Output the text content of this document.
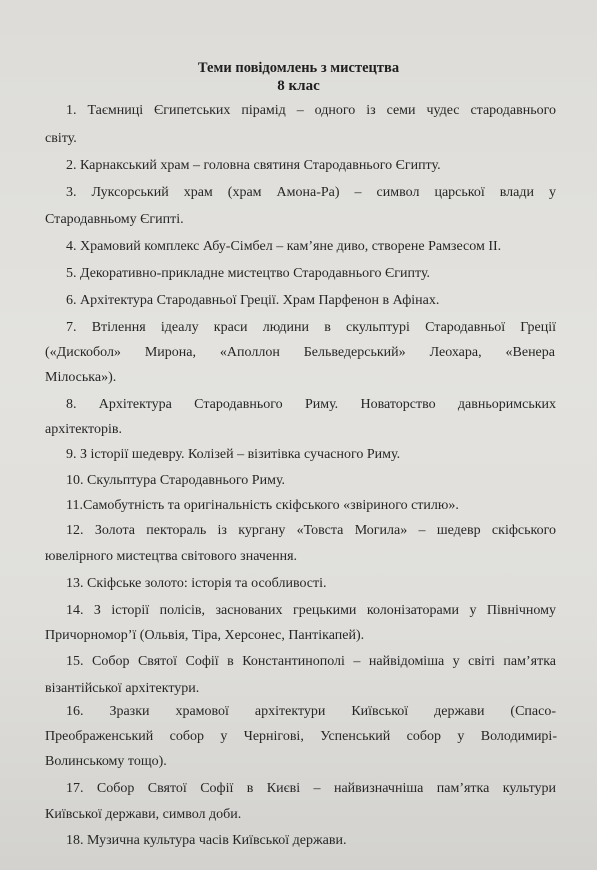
Теми повідомлень з мистецтва
8 клас
1. Таємниці Єгипетських пірамід – одного із семи чудес стародавнього
світу.
2. Карнакський храм – головна святиня Стародавнього Єгипту.
3. Луксорський храм (храм Амона-Ра) – символ царської влади у
Стародавньому Єгипті.
4. Храмовий комплекс Абу-Сімбел – кам’яне диво, створене Рамзесом ІІ.
5. Декоративно-прикладне мистецтво Стародавнього Єгипту.
6. Архітектура Стародавньої Греції. Храм Парфенон в Афінах.
7. Втілення ідеалу краси людини в скульптурі Стародавньої Греції
(«Дискобол» Мирона, «Аполлон Бельведерський» Леохара, «Венера
Мілоська»).
8. Архітектура Стародавнього Риму. Новаторство давньоримських
архітекторів.
9. З історії шедевру. Колізей – візитівка сучасного Риму.
10. Скульптура Стародавнього Риму.
11.Самобутність та оригінальність скіфського «звіриного стилю».
12. Золота пектораль із кургану «Товста Могила» – шедевр скіфського
ювелірного мистецтва світового значення.
13. Скіфське золото: історія та особливості.
14. З історії полісів, заснованих грецькими колонізаторами у Північному
Причорномор’ї (Ольвія, Тіра, Херсонес, Пантікапей).
15. Собор Святої Софії в Константинополі – найвідоміша у світі пам’ятка
візантійської архітектури.
16. Зразки храмової архітектури Київської держави (Спасо-
Преображенський собор у Чернігові, Успенський собор у Володимирі-
Волинському тощо).
17. Собор Святої Софії в Києві – найвизначніша пам’ятка культури
Київської держави, символ доби.
18. Музична культура часів Київської держави.
